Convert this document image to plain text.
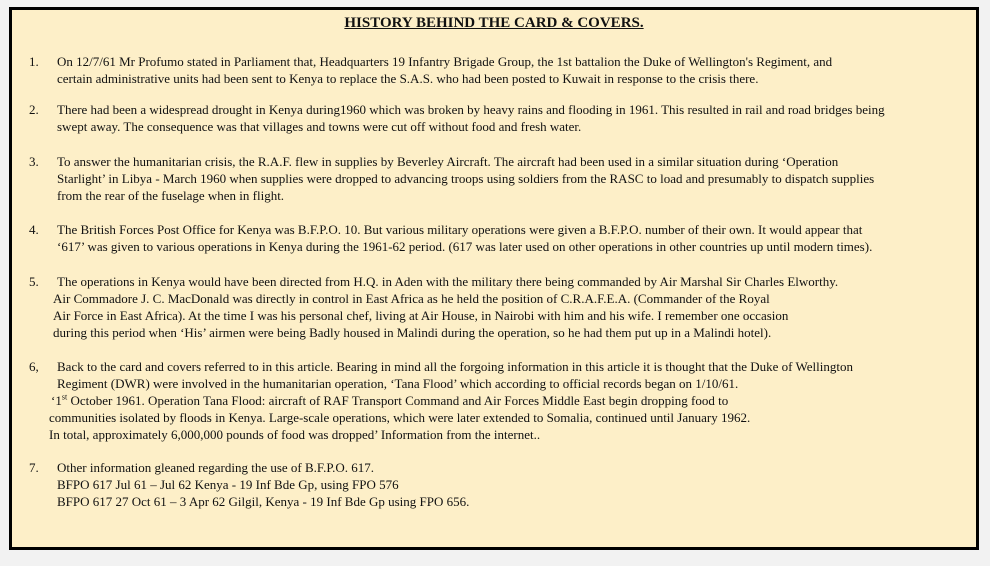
HISTORY BEHIND THE CARD & COVERS.
1.	On 12/7/61 Mr Profumo stated in Parliament that, Headquarters 19 Infantry Brigade Group, the 1st battalion the Duke of Wellington's Regiment, and
certain administrative units had been sent to Kenya to replace the S.A.S. who had been posted to Kuwait in response to the crisis there.
2.	There had been a widespread drought in Kenya during1960 which was broken by heavy rains and flooding in 1961. This resulted in rail and road bridges being
swept away. The consequence was that villages and towns were cut off without food and fresh water.
3.	To answer the humanitarian crisis, the R.A.F. flew in supplies by Beverley Aircraft. The aircraft had been used in a similar situation during ‘Operation
Starlight’ in Libya - March 1960 when supplies were dropped to advancing troops using soldiers from the RASC to load and presumably to dispatch supplies
from the rear of the fuselage when in flight.
4.	The British Forces Post Office for Kenya was B.F.P.O. 10. But various military operations were given a B.F.P.O. number of their own. It would appear that
‘617’ was given to various operations in Kenya during the 1961-62 period. (617 was later used on other operations in other countries up until modern times).
5.	The operations in Kenya would have been directed from H.Q. in Aden with the military there being commanded by Air Marshal Sir Charles Elworthy.
Air Commadore J. C. MacDonald was directly in control in East Africa as he held the position of C.R.A.F.E.A. (Commander of the Royal
Air Force in East Africa). At the time I was his personal chef, living at Air House, in Nairobi with him and his wife. I remember one occasion
during this period when ‘His’ airmen were being Badly housed in Malindi during the operation, so he had them put up in a Malindi hotel).
6,	Back to the card and covers referred to in this article. Bearing in mind all the forgoing information in this article it is thought that the Duke of Wellington
Regiment (DWR) were involved in the humanitarian operation, ‘Tana Flood’ which according to official records began on 1/10/61.
‘1st October 1961. Operation Tana Flood: aircraft of RAF Transport Command and Air Forces Middle East begin dropping food to
communities isolated by floods in Kenya. Large-scale operations, which were later extended to Somalia, continued until January 1962.
In total, approximately 6,000,000 pounds of food was dropped’ Information from the internet..
7.	Other information gleaned regarding the use of B.F.P.O. 617.
BFPO 617 Jul 61 – Jul 62 Kenya - 19 Inf Bde Gp, using FPO 576
BFPO 617 27 Oct 61 – 3 Apr 62 Gilgil, Kenya - 19 Inf Bde Gp using FPO 656.
